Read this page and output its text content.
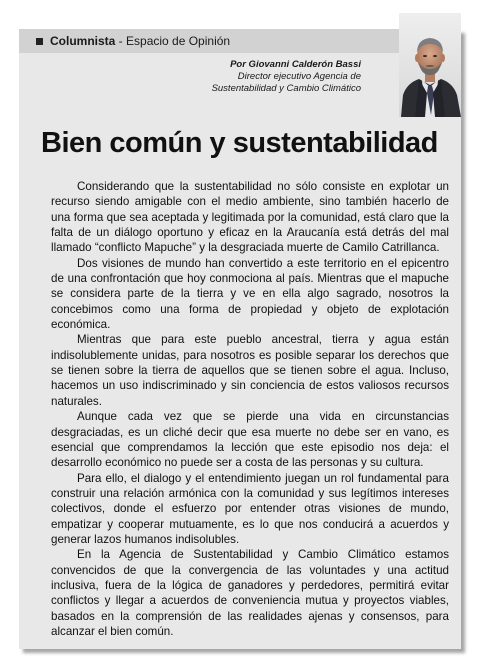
Columnista - Espacio de Opinión
Por Giovanni Calderón Bassi
Director ejecutivo Agencia de
Sustentabilidad y Cambio Climático
Bien común y sustentabilidad

Considerando que la sustentabilidad no sólo consiste en explotar un recurso siendo amigable con el medio ambiente, sino también hacerlo de una forma que sea aceptada y legitimada por la comunidad, está claro que la falta de un diálogo oportuno y eficaz en la Araucanía está detrás del mal llamado “conflicto Mapuche” y la desgraciada muerte de Camilo Catrillanca.

Dos visiones de mundo han convertido a este territorio en el epicentro de una confrontación que hoy conmociona al país. Mientras que el mapuche se considera parte de la tierra y ve en ella algo sagrado, nosotros la concebimos como una forma de propiedad y objeto de explotación económica.

Mientras que para este pueblo ancestral, tierra y agua están indisolublemente unidas, para nosotros es posible separar los derechos que se tienen sobre la tierra de aquellos que se tienen sobre el agua. Incluso, hacemos un uso indiscriminado y sin conciencia de estos valiosos recursos naturales.

Aunque cada vez que se pierde una vida en circunstancias desgraciadas, es un cliché decir que esa muerte no debe ser en vano, es esencial que comprendamos la lección que este episodio nos deja: el desarrollo económico no puede ser a costa de las personas y su cultura.

Para ello, el dialogo y el entendimiento juegan un rol fundamental para construir una relación armónica con la comunidad y sus legítimos intereses colectivos, donde el esfuerzo por entender otras visiones de mundo, empatizar y cooperar mutuamente, es lo que nos conducirá a acuerdos y generar lazos humanos indisolubles.

En la Agencia de Sustentabilidad y Cambio Climático estamos convencidos de que la convergencia de las voluntades y una actitud inclusiva, fuera de la lógica de ganadores y perdedores, permitirá evitar conflictos y llegar a acuerdos de conveniencia mutua y proyectos viables, basados en la comprensión de las realidades ajenas y consensos, para alcanzar el bien común.
